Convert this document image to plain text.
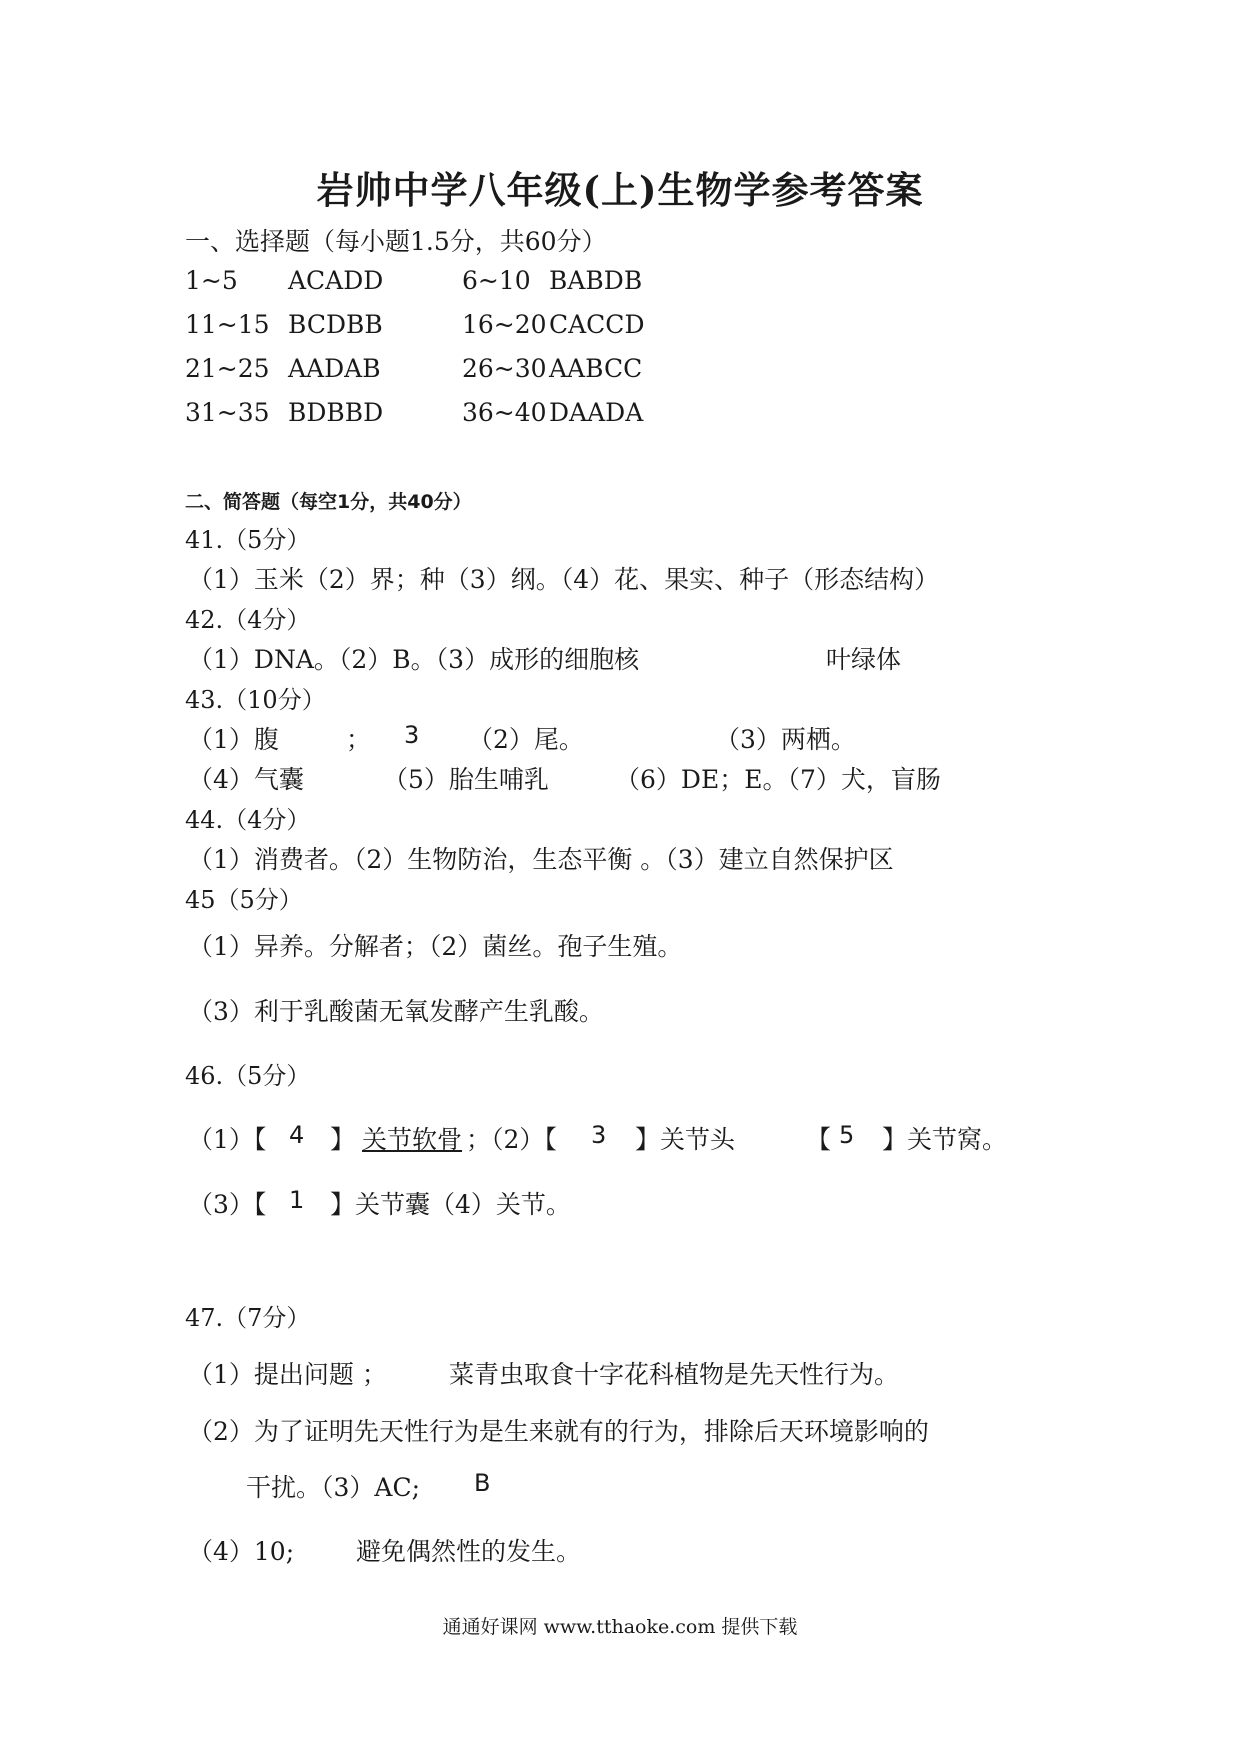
岩帅中学八年级(上)生物学参考答案
一、选择题（每小题1.5分，共60分）
1~5 ACADD	6~10 BABDB
11~15 BCDBB	16~20 CACCD
21~25 AADAB	26~30 AABCC
31~35 BDBBD	36~40 DAADA
二、简答题（每空1分，共40分）
41.（5分）
（1）玉米（2）界；种（3）纲。（4）花、果实、种子（形态结构）
42.（4分）
（1）DNA。（2）B。（3）成形的细胞核	叶绿体
43.（10分）
（1）腹	； 3 （2）尾。	（3）两栖。
（4）气囊	（5）胎生哺乳	（6）DE；E。（7）犬，盲肠
44.（4分）
（1）消费者。（2）生物防治，生态平衡 。（3）建立自然保护区
45（5分）
（1）异养。分解者；（2）菌丝。孢子生殖。
（3）利于乳酸菌无氧发酵产生乳酸。
46.（5分）
（1）【 4 】 关节软骨 ；（2）【 3 】关节头	【 5 】关节窝。
（3）【 1 】关节囊（4）关节。
47.（7分）
（1）提出问题 ； 菜青虫取食十字花科植物是先天性行为。
（2）为了证明先天性行为是生来就有的行为，排除后天环境影响的
干扰。（3）AC; B
（4）10; 避免偶然性的发生。
通通好课网 www.tthaoke.com 提供下载
